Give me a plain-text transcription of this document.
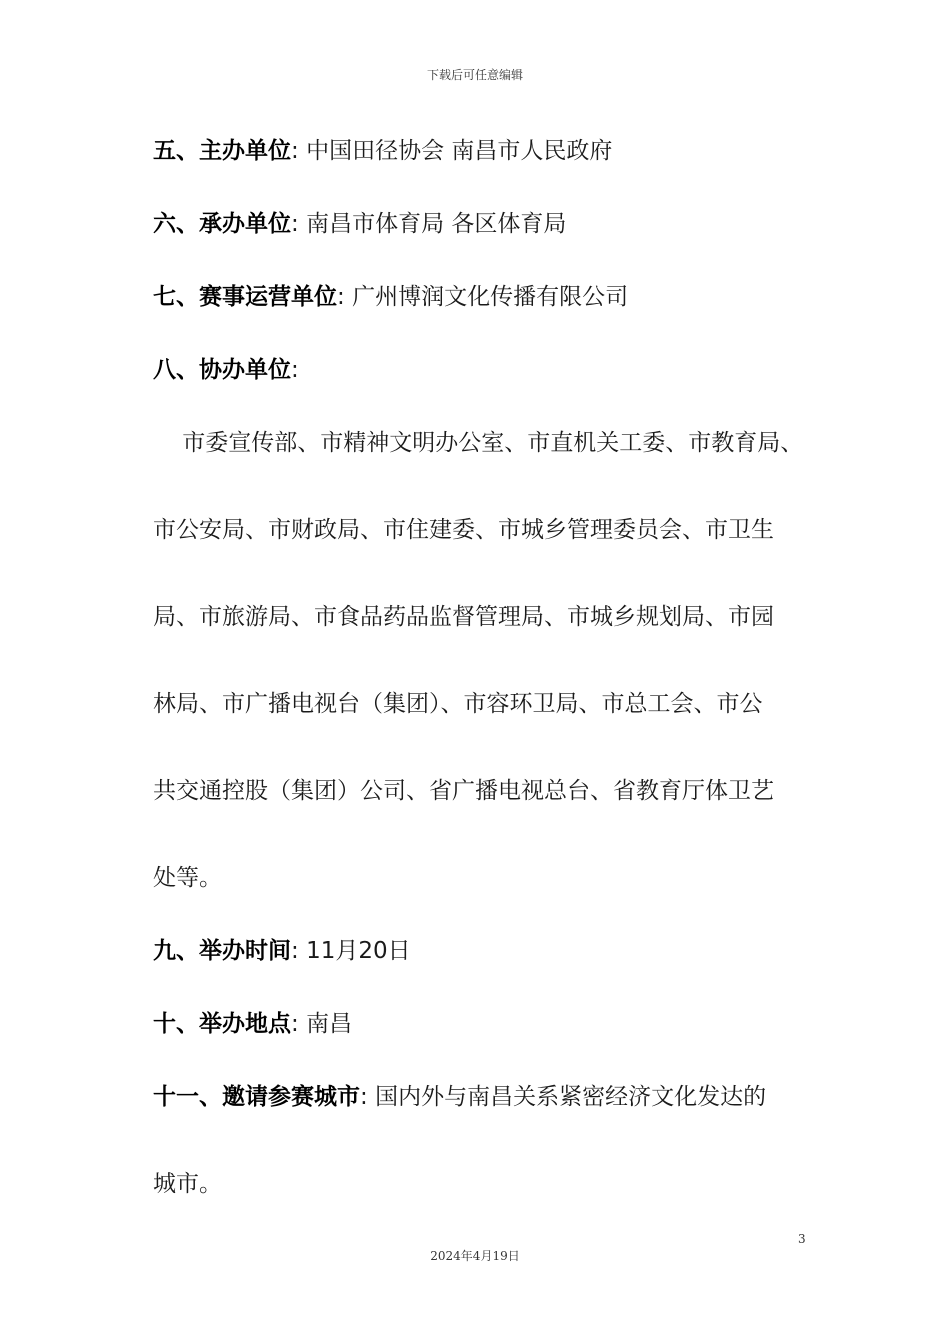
下载后可任意编辑
五、主办单位: 中国田径协会 南昌市人民政府
六、承办单位: 南昌市体育局 各区体育局
七、赛事运营单位: 广州博润文化传播有限公司
八、协办单位:
市委宣传部、市精神文明办公室、市直机关工委、市教育局、
市公安局、市财政局、市住建委、市城乡管理委员会、市卫生
局、市旅游局、市食品药品监督管理局、市城乡规划局、市园
林局、市广播电视台（集团）、市容环卫局、市总工会、市公
共交通控股（集团）公司、省广播电视总台、省教育厅体卫艺
处等。
九、举办时间: 11月20日
十、举办地点: 南昌
十一、邀请参赛城市: 国内外与南昌关系紧密经济文化发达的
城市。
3
2024年4月19日
